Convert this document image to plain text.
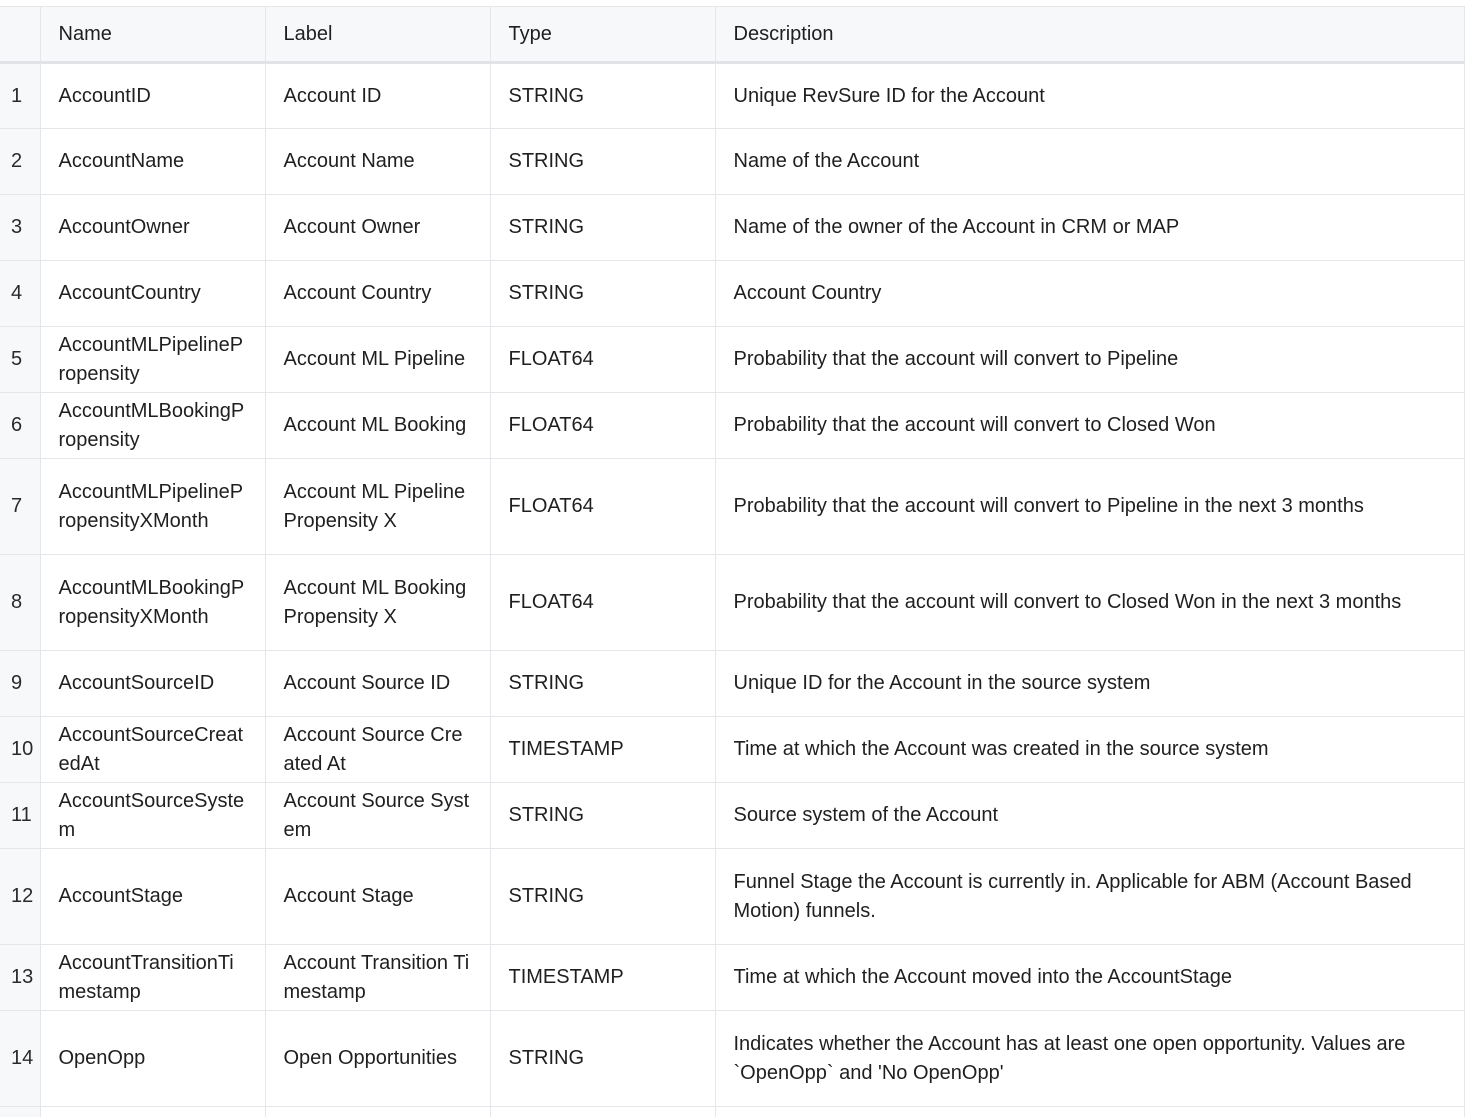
	Name	Label	Type	Description
1	AccountID	Account ID	STRING	Unique RevSure ID for the Account
2	AccountName	Account Name	STRING	Name of the Account
3	AccountOwner	Account Owner	STRING	Name of the owner of the Account in CRM or MAP
4	AccountCountry	Account Country	STRING	Account Country
5	AccountMLPipelinePropensity	Account ML Pipeline	FLOAT64	Probability that the account will convert to Pipeline
6	AccountMLBookingPropensity	Account ML Booking	FLOAT64	Probability that the account will convert to Closed Won
7	AccountMLPipelinePropensityXMonth	Account ML Pipeline Propensity X	FLOAT64	Probability that the account will convert to Pipeline in the next 3 months
8	AccountMLBookingPropensityXMonth	Account ML Booking Propensity X	FLOAT64	Probability that the account will convert to Closed Won in the next 3 months
9	AccountSourceID	Account Source ID	STRING	Unique ID for the Account in the source system
10	AccountSourceCreatedAt	Account Source Created At	TIMESTAMP	Time at which the Account was created in the source system
11	AccountSourceSystem	Account Source System	STRING	Source system of the Account
12	AccountStage	Account Stage	STRING	Funnel Stage the Account is currently in. Applicable for ABM (Account Based Motion) funnels.
13	AccountTransitionTimestamp	Account Transition Timestamp	TIMESTAMP	Time at which the Account moved into the AccountStage
14	OpenOpp	Open Opportunities	STRING	Indicates whether the Account has at least one open opportunity. Values are `OpenOpp` and 'No OpenOpp'
